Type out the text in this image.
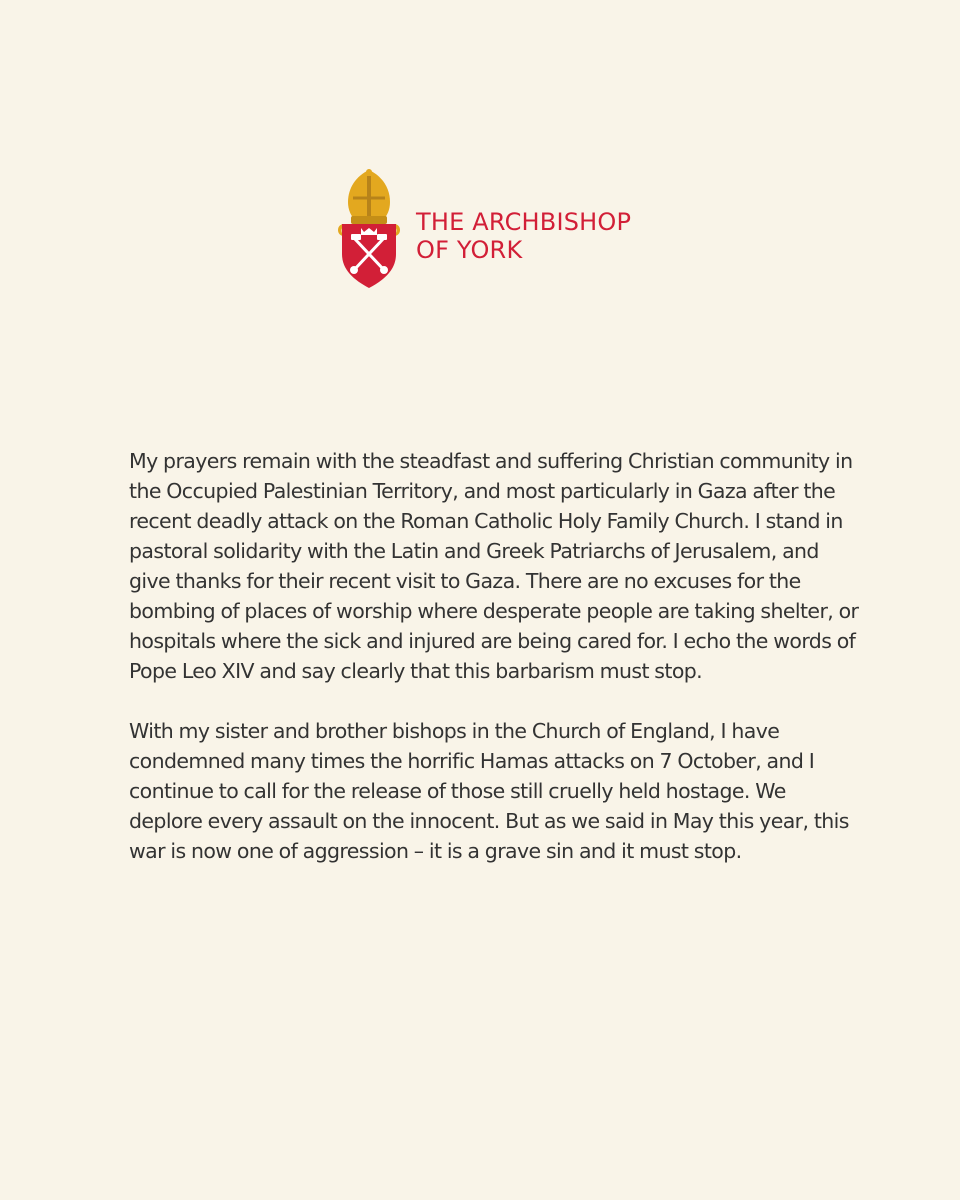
THE ARCHBISHOP
OF YORK

My prayers remain with the steadfast and suffering Christian community in the Occupied Palestinian Territory, and most particularly in Gaza after the recent deadly attack on the Roman Catholic Holy Family Church. I stand in pastoral solidarity with the Latin and Greek Patriarchs of Jerusalem, and give thanks for their recent visit to Gaza. There are no excuses for the bombing of places of worship where desperate people are taking shelter, or hospitals where the sick and injured are being cared for. I echo the words of Pope Leo XIV and say clearly that this barbarism must stop.

With my sister and brother bishops in the Church of England, I have condemned many times the horrific Hamas attacks on 7 October, and I continue to call for the release of those still cruelly held hostage. We deplore every assault on the innocent. But as we said in May this year, this war is now one of aggression – it is a grave sin and it must stop.
